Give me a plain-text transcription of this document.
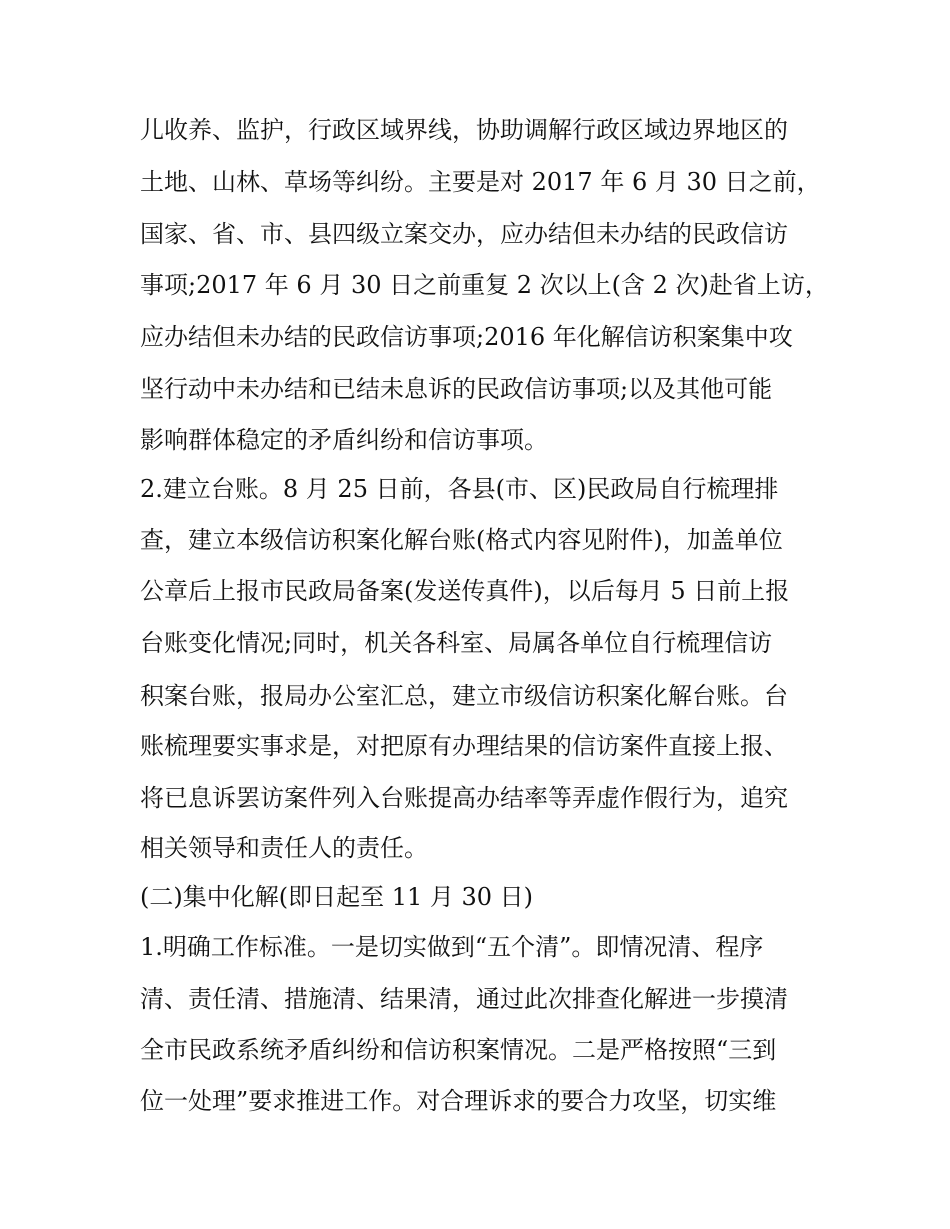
儿收养、监护，行政区域界线，协助调解行政区域边界地区的
土地、山林、草场等纠纷。主要是对 2017 年 6 月 30 日之前，
国家、省、市、县四级立案交办，应办结但未办结的民政信访
事项;2017 年 6 月 30 日之前重复 2 次以上(含 2 次)赴省上访，
应办结但未办结的民政信访事项;2016 年化解信访积案集中攻
坚行动中未办结和已结未息诉的民政信访事项;以及其他可能
影响群体稳定的矛盾纠纷和信访事项。
2.建立台账。8 月 25 日前，各县(市、区)民政局自行梳理排
查，建立本级信访积案化解台账(格式内容见附件)，加盖单位
公章后上报市民政局备案(发送传真件)，以后每月 5 日前上报
台账变化情况;同时，机关各科室、局属各单位自行梳理信访
积案台账，报局办公室汇总，建立市级信访积案化解台账。台
账梳理要实事求是，对把原有办理结果的信访案件直接上报、
将已息诉罢访案件列入台账提高办结率等弄虚作假行为，追究
相关领导和责任人的责任。
(二)集中化解(即日起至 11 月 30 日)
1.明确工作标准。一是切实做到“五个清”。即情况清、程序
清、责任清、措施清、结果清，通过此次排查化解进一步摸清
全市民政系统矛盾纠纷和信访积案情况。二是严格按照“三到
位一处理”要求推进工作。对合理诉求的要合力攻坚，切实维
